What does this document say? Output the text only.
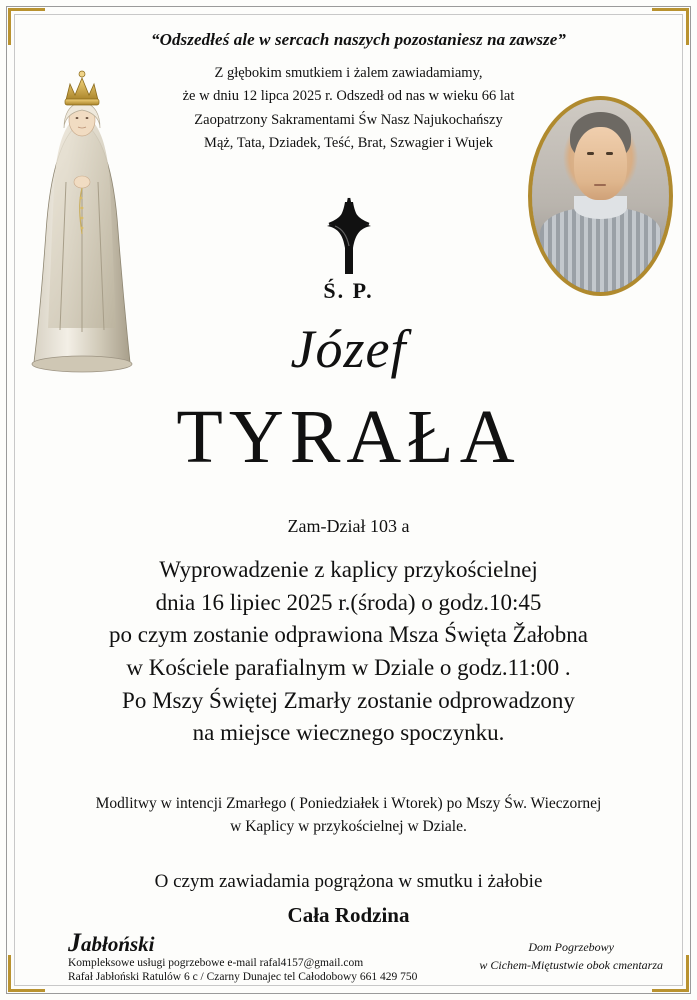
“Odszedłeś ale w sercach naszych pozostaniesz na zawsze”
Z głębokim smutkiem i żalem zawiadamiamy,
że w dniu 12 lipca 2025 r. Odszedł od nas w wieku 66 lat
Zaopatrzony Sakramentami Św Nasz Najukochańszy
Mąż, Tata, Dziadek, Teść, Brat, Szwagier i Wujek
Ś. P.
Józef
TYRAŁA
Zam-Dział 103 a
Wyprowadzenie z kaplicy przykościelnej
dnia 16 lipiec 2025 r.(środa) o godz.10:45
po czym zostanie odprawiona Msza Święta Žałobna
w Kościele parafialnym w Dziale o godz.11:00 .
Po Mszy Świętej Zmarły zostanie odprowadzony
na miejsce wiecznego spoczynku.
Modlitwy w intencji Zmarłego ( Poniedziałek i Wtorek) po Mszy Św. Wieczornej
w Kaplicy w przykościelnej w Dziale.
O czym zawiadamia pogrążona w smutku i żałobie
Cała Rodzina
Jabłoński
Kompleksowe usługi pogrzebowe e-mail rafal4157@gmail.com
Rafał Jabłoński Ratulów 6 c / Czarny Dunajec tel Całodobowy 661 429 750
Dom Pogrzebowy
w Cichem-Miętustwie obok cmentarza
